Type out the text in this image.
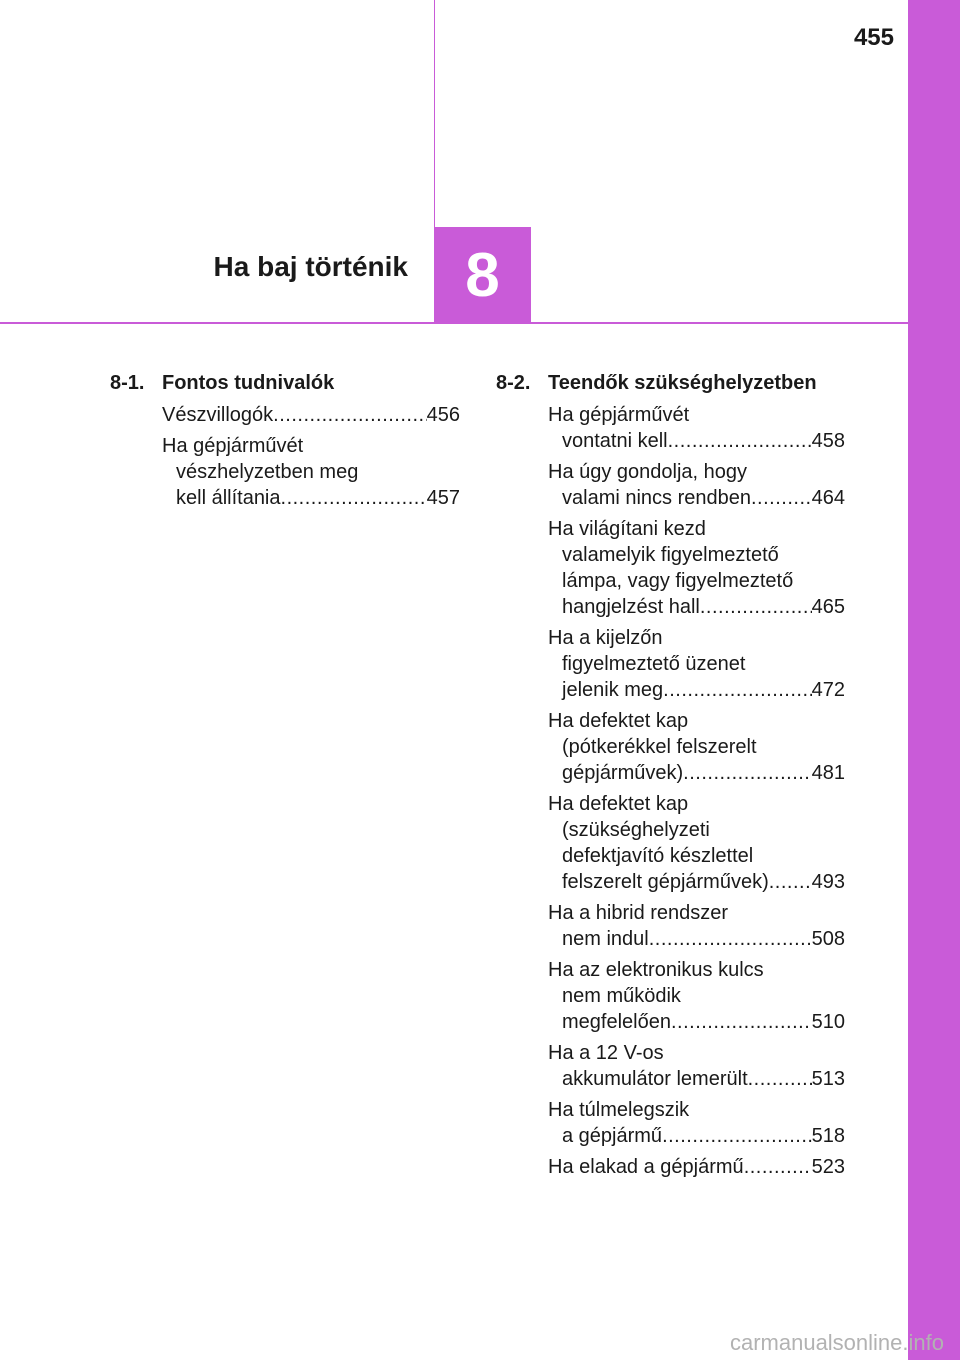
455
Ha baj történik 8
8-1. Fontos tudnivalók
Vészvillogók .....	456
Ha gépjárművét
vészhelyzetben meg
kell állítania .....	457
8-2. Teendők szükséghelyzetben
Ha gépjárművét
vontatni kell .....	458
Ha úgy gondolja, hogy
valami nincs rendben .....	464
Ha világítani kezd
valamelyik figyelmeztető
lámpa, vagy figyelmeztető
hangjelzést hall .....	465
Ha a kijelzőn
figyelmeztető üzenet
jelenik meg .....	472
Ha defektet kap
(pótkerékkel felszerelt
gépjárművek) .....	481
Ha defektet kap
(szükséghelyzeti
defektjavító készlettel
felszerelt gépjárművek) ..... 493
Ha a hibrid rendszer
nem indul .....	508
Ha az elektronikus kulcs
nem működik
megfelelően .....	510
Ha a 12 V-os
akkumulátor lemerült .....	513
Ha túlmelegszik
a gépjármű .....	518
Ha elakad a gépjármű .....	523
carmanualsonline.info
